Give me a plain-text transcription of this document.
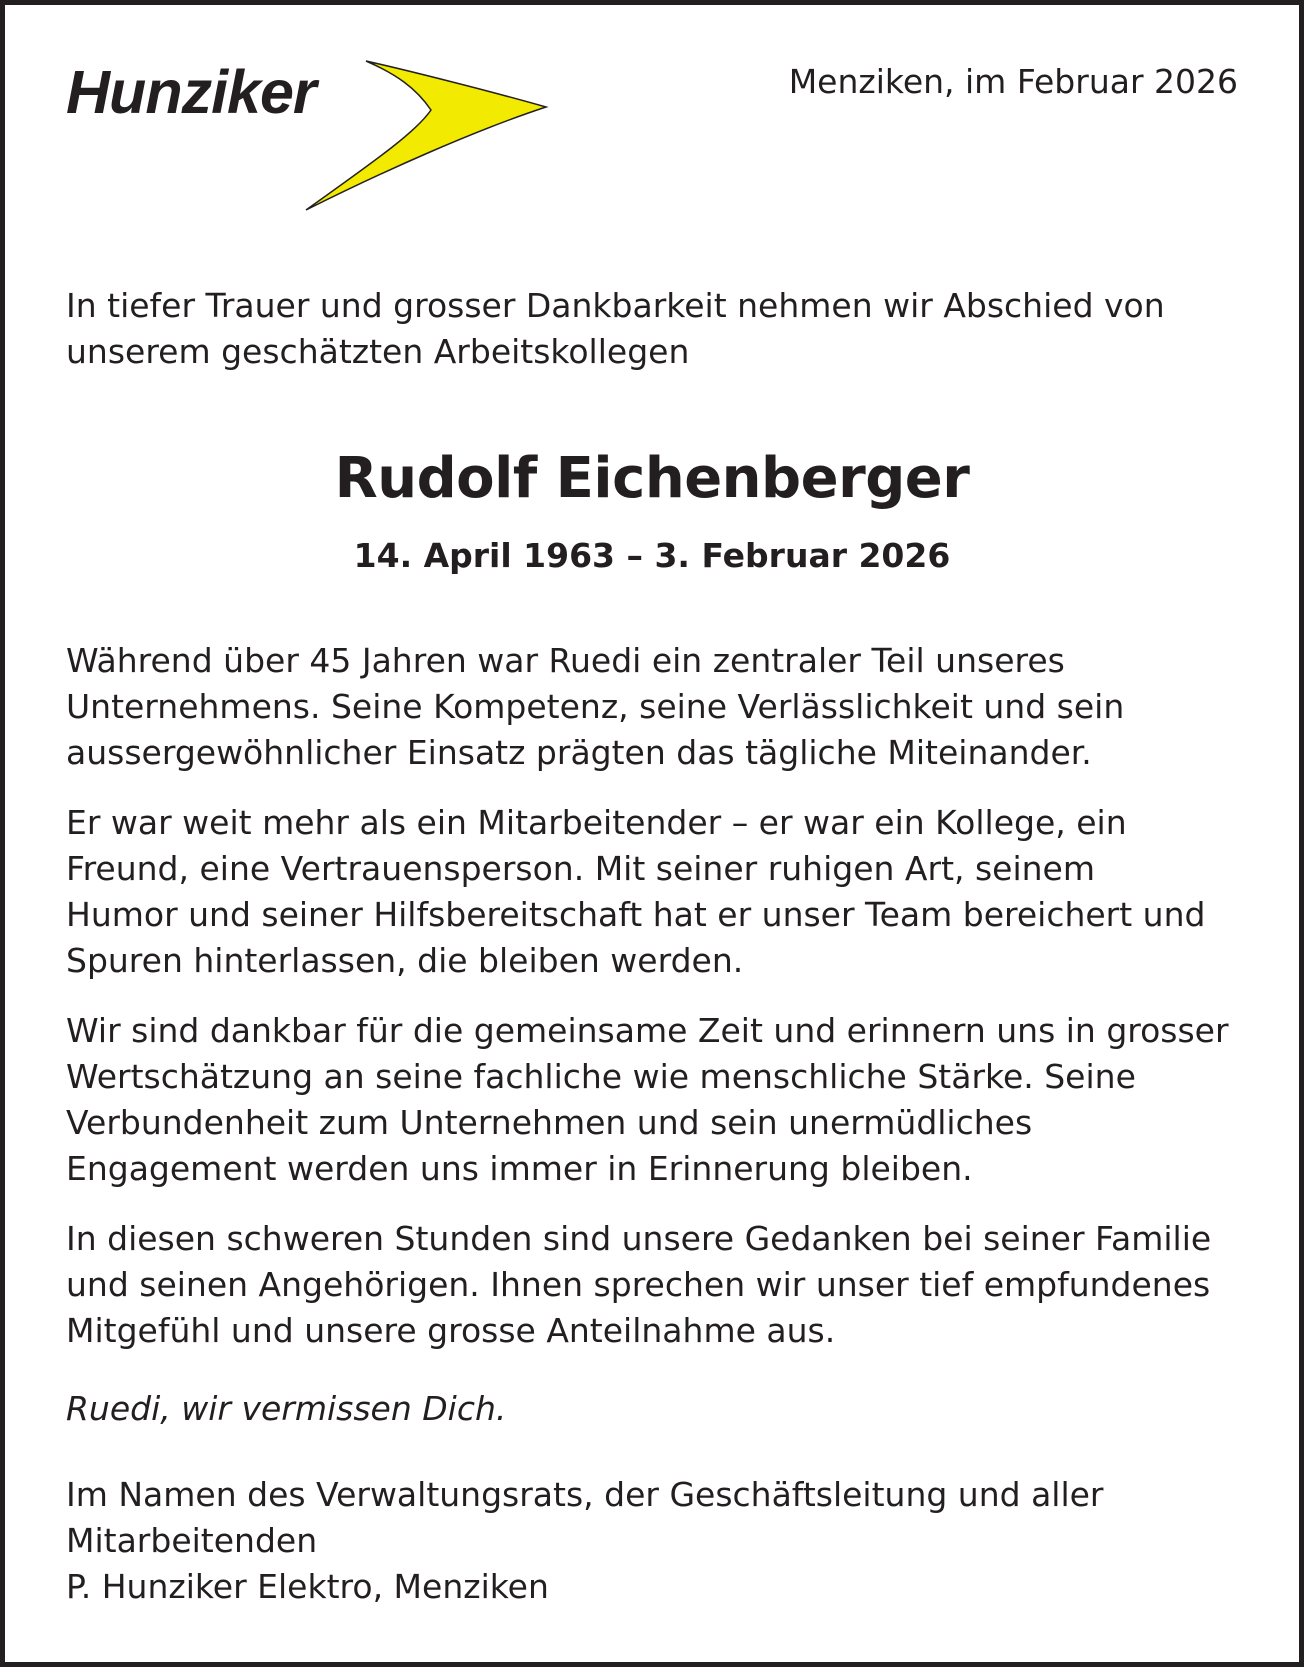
Hunziker	Menziken, im Februar 2026
In tiefer Trauer und grosser Dankbarkeit nehmen wir Abschied von
unserem geschätzten Arbeitskollegen
Rudolf Eichenberger
14. April 1963 – 3. Februar 2026
Während über 45 Jahren war Ruedi ein zentraler Teil unseres
Unternehmens. Seine Kompetenz, seine Verlässlichkeit und sein
aussergewöhnlicher Einsatz prägten das tägliche Miteinander.
Er war weit mehr als ein Mitarbeitender – er war ein Kollege, ein
Freund, eine Vertrauensperson. Mit seiner ruhigen Art, seinem
Humor und seiner Hilfsbereitschaft hat er unser Team bereichert und
Spuren hinterlassen, die bleiben werden.
Wir sind dankbar für die gemeinsame Zeit und erinnern uns in grosser
Wertschätzung an seine fachliche wie menschliche Stärke. Seine
Verbundenheit zum Unternehmen und sein unermüdliches
Engagement werden uns immer in Erinnerung bleiben.
In diesen schweren Stunden sind unsere Gedanken bei seiner Familie
und seinen Angehörigen. Ihnen sprechen wir unser tief empfundenes
Mitgefühl und unsere grosse Anteilnahme aus.
Ruedi, wir vermissen Dich.
Im Namen des Verwaltungsrats, der Geschäftsleitung und aller
Mitarbeitenden
P. Hunziker Elektro, Menziken
